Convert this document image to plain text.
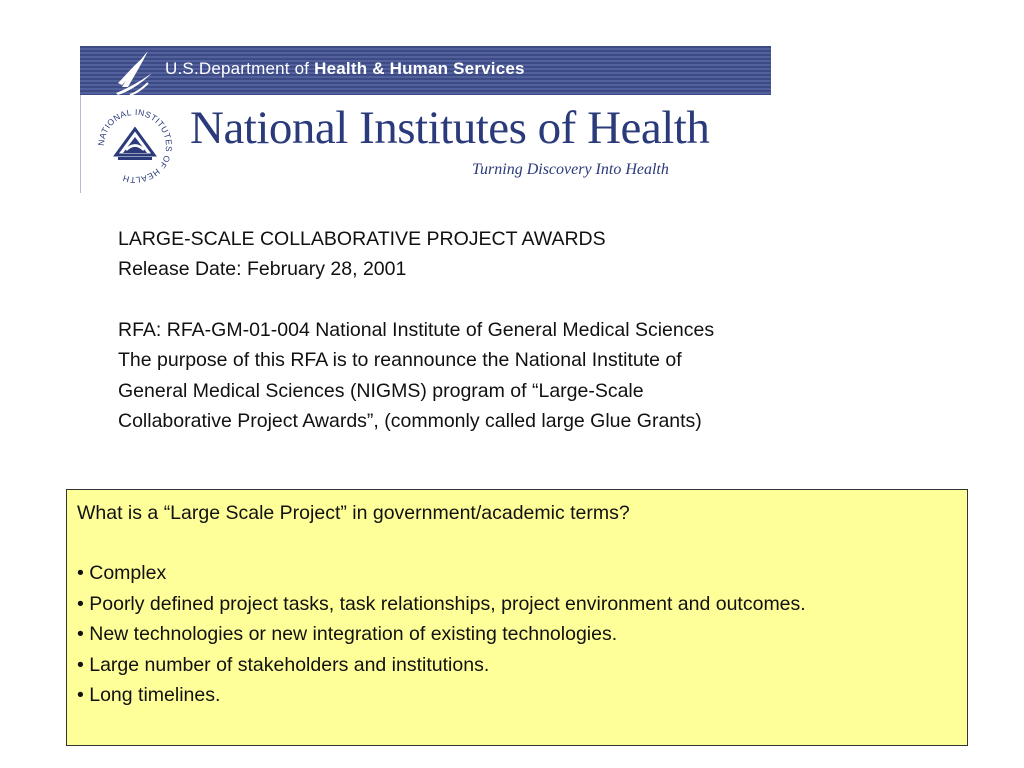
U.S.Department of Health & Human Services
NATIONAL INSTITUTES OF HEALTH
National Institutes of Health
Turning Discovery Into Health

LARGE-SCALE COLLABORATIVE PROJECT AWARDS

Release Date: February 28, 2001

RFA: RFA-GM-01-004 National Institute of General Medical Sciences

The purpose of this RFA is to reannounce the National Institute of

General Medical Sciences (NIGMS) program of “Large-Scale

Collaborative Project Awards”, (commonly called large Glue Grants)

What is a “Large Scale Project” in government/academic terms?

• Complex
• Poorly defined project tasks, task relationships, project environment and outcomes.
• New technologies or new integration of existing technologies.
• Large number of stakeholders and institutions.
• Long timelines.
